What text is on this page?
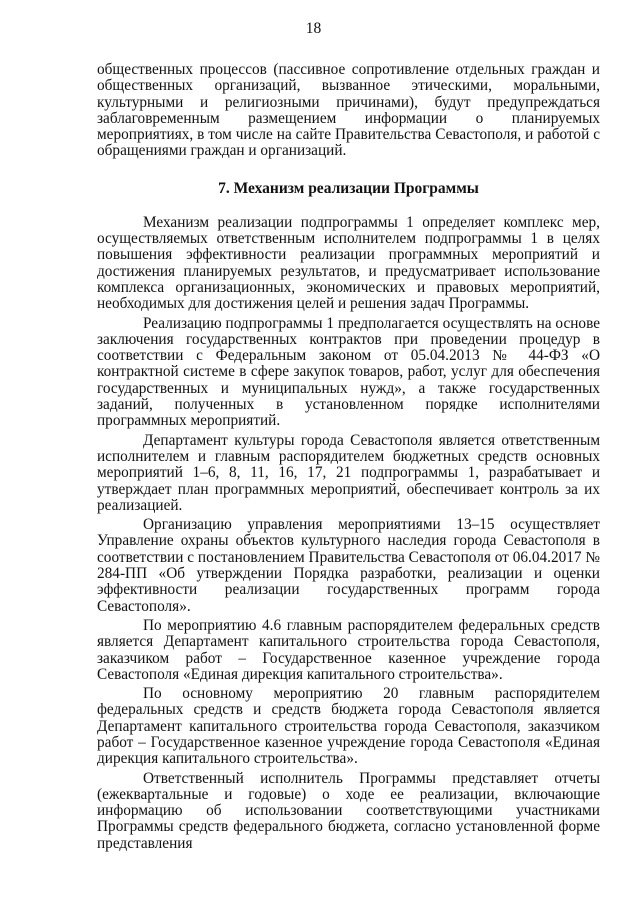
18

общественных процессов (пассивное сопротивление отдельных граждан и общественных организаций, вызванное этическими, моральными, культурными и религиозными причинами), будут предупреждаться заблаговременным размещением информации о планируемых мероприятиях, в том числе на сайте Правительства Севастополя, и работой с обращениями граждан и организаций.

7. Механизм реализации Программы

Механизм реализации подпрограммы 1 определяет комплекс мер, осуществляемых ответственным исполнителем подпрограммы 1 в целях повышения эффективности реализации программных мероприятий и достижения планируемых результатов, и предусматривает использование комплекса организационных, экономических и правовых мероприятий, необходимых для достижения целей и решения задач Программы.

Реализацию подпрограммы 1 предполагается осуществлять на основе заключения государственных контрактов при проведении процедур в соответствии с Федеральным законом от 05.04.2013 № 44-ФЗ «О контрактной системе в сфере закупок товаров, работ, услуг для обеспечения государственных и муниципальных нужд», а также государственных заданий, полученных в установленном порядке исполнителями программных мероприятий.

Департамент культуры города Севастополя является ответственным исполнителем и главным распорядителем бюджетных средств основных мероприятий 1–6, 8, 11, 16, 17, 21 подпрограммы 1, разрабатывает и утверждает план программных мероприятий, обеспечивает контроль за их реализацией.

Организацию управления мероприятиями 13–15 осуществляет Управление охраны объектов культурного наследия города Севастополя в соответствии с постановлением Правительства Севастополя от 06.04.2017 № 284-ПП «Об утверждении Порядка разработки, реализации и оценки эффективности реализации государственных программ города Севастополя».

По мероприятию 4.6 главным распорядителем федеральных средств является Департамент капитального строительства города Севастополя, заказчиком работ – Государственное казенное учреждение города Севастополя «Единая дирекция капитального строительства».

По основному мероприятию 20 главным распорядителем федеральных средств и средств бюджета города Севастополя является Департамент капитального строительства города Севастополя, заказчиком работ – Государственное казенное учреждение города Севастополя «Единая дирекция капитального строительства».

Ответственный исполнитель Программы представляет отчеты (ежеквартальные и годовые) о ходе ее реализации, включающие информацию об использовании соответствующими участниками Программы средств федерального бюджета, согласно установленной форме представления
